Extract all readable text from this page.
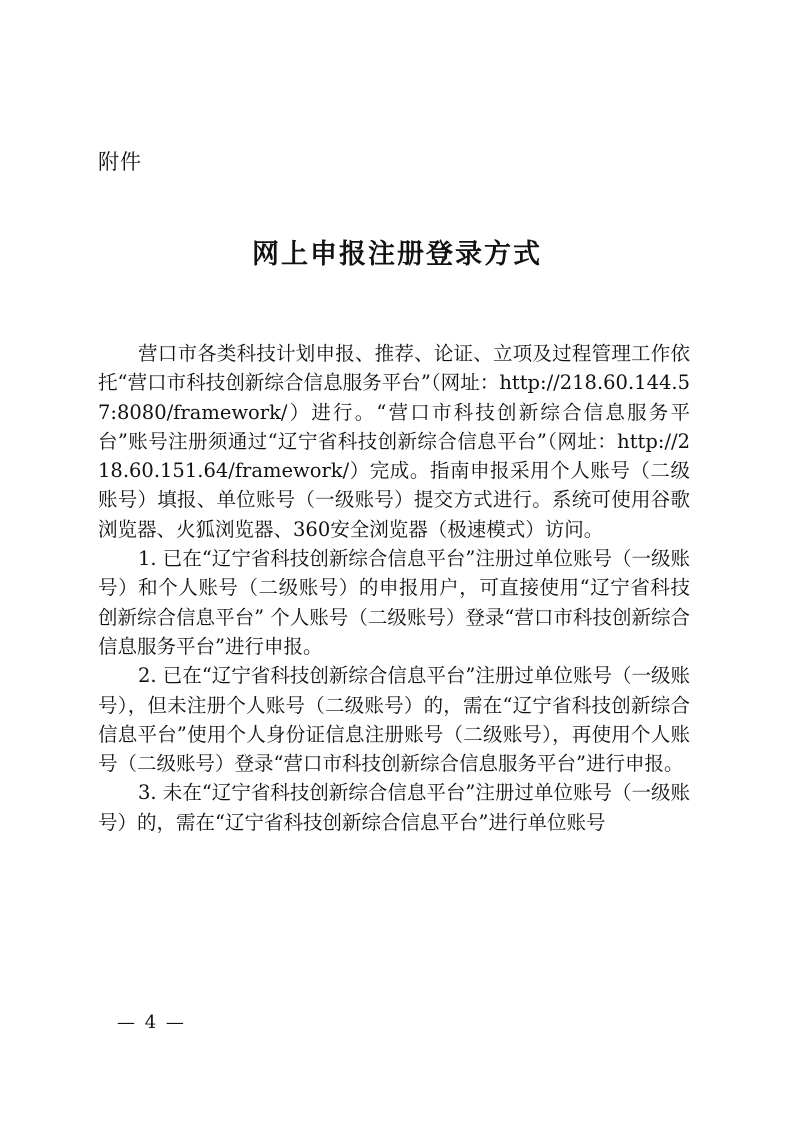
附件
网上申报注册登录方式

营口市各类科技计划申报、推荐、论证、立项及过程管理工作依托“营口市科技创新综合信息服务平台”（网址：http://218.60.144.57:8080/framework/）进行。“营口市科技创新综合信息服务平台”账号注册须通过“辽宁省科技创新综合信息平台”（网址：http://218.60.151.64/framework/）完成。指南申报采用个人账号（二级账号）填报、单位账号（一级账号）提交方式进行。系统可使用谷歌浏览器、火狐浏览器、360安全浏览器（极速模式）访问。

1. 已在“辽宁省科技创新综合信息平台”注册过单位账号（一级账号）和个人账号（二级账号）的申报用户，可直接使用“辽宁省科技创新综合信息平台” 个人账号（二级账号）登录“营口市科技创新综合信息服务平台”进行申报。

2. 已在“辽宁省科技创新综合信息平台”注册过单位账号（一级账号），但未注册个人账号（二级账号）的，需在“辽宁省科技创新综合信息平台”使用个人身份证信息注册账号（二级账号），再使用个人账号（二级账号）登录“营口市科技创新综合信息服务平台”进行申报。

3. 未在“辽宁省科技创新综合信息平台”注册过单位账号（一级账号）的，需在“辽宁省科技创新综合信息平台”进行单位账号

— 4 —
